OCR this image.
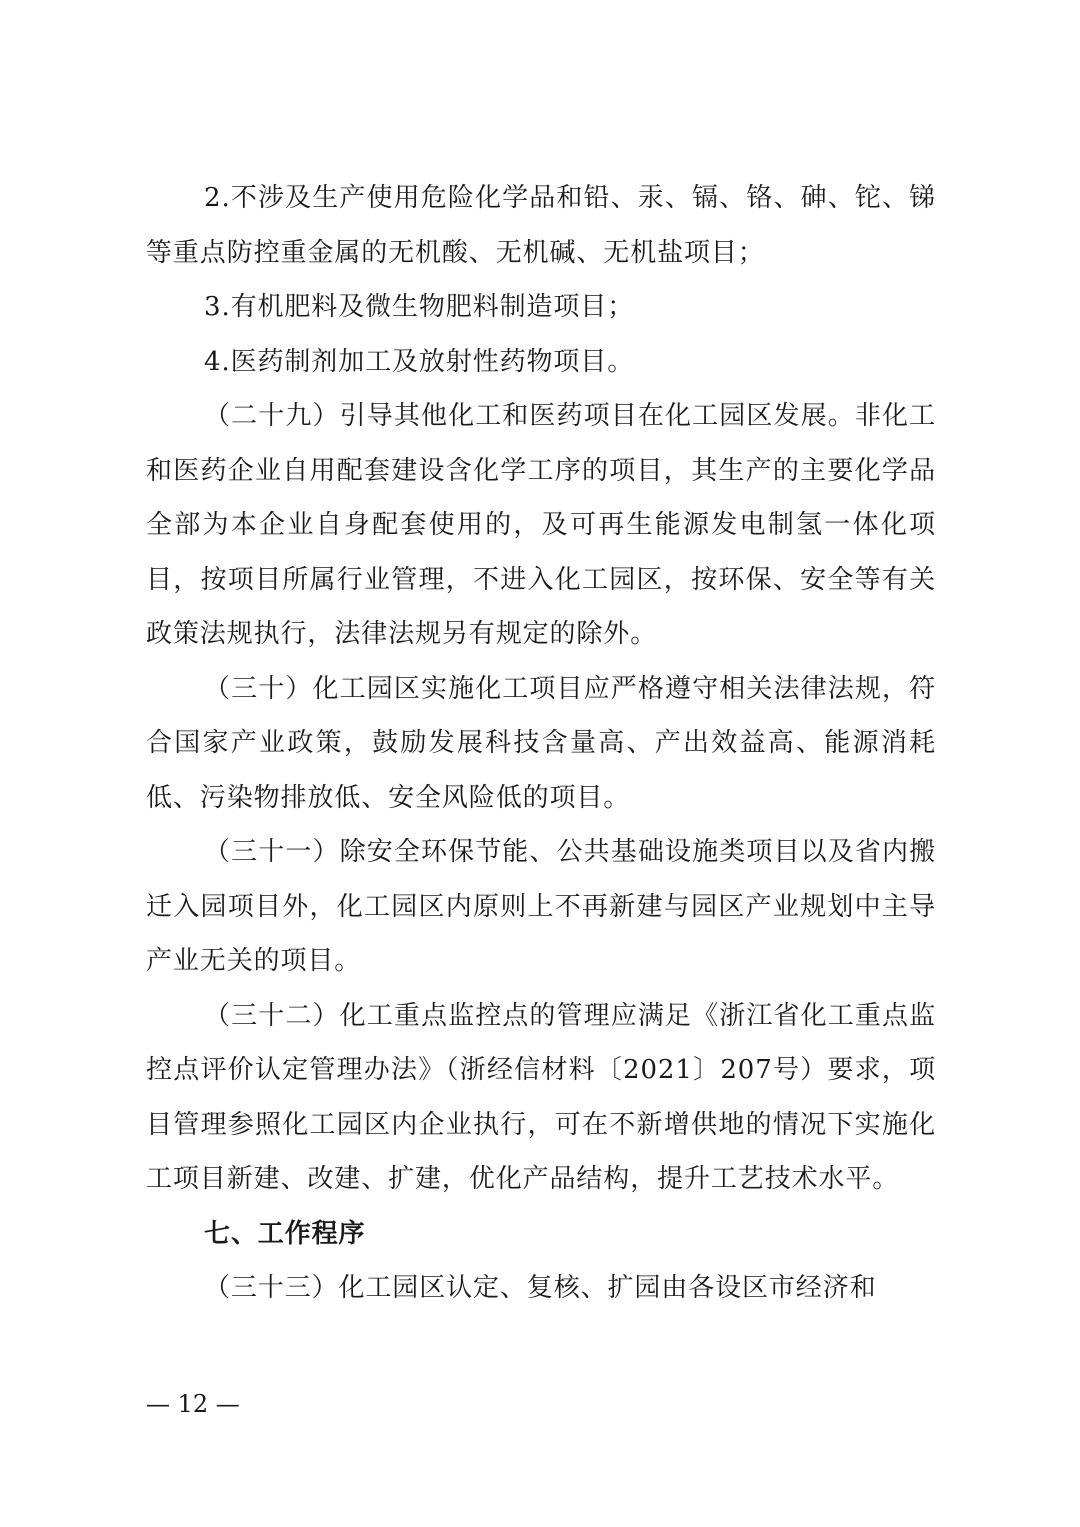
2.不涉及生产使用危险化学品和铅、汞、镉、铬、砷、铊、锑等重点防控重金属的无机酸、无机碱、无机盐项目；

3.有机肥料及微生物肥料制造项目；

4.医药制剂加工及放射性药物项目。

（二十九）引导其他化工和医药项目在化工园区发展。非化工和医药企业自用配套建设含化学工序的项目，其生产的主要化学品全部为本企业自身配套使用的，及可再生能源发电制氢一体化项目，按项目所属行业管理，不进入化工园区，按环保、安全等有关政策法规执行，法律法规另有规定的除外。

（三十）化工园区实施化工项目应严格遵守相关法律法规，符合国家产业政策，鼓励发展科技含量高、产出效益高、能源消耗低、污染物排放低、安全风险低的项目。

（三十一）除安全环保节能、公共基础设施类项目以及省内搬迁入园项目外，化工园区内原则上不再新建与园区产业规划中主导产业无关的项目。

（三十二）化工重点监控点的管理应满足《浙江省化工重点监控点评价认定管理办法》（浙经信材料〔2021〕207号）要求，项目管理参照化工园区内企业执行，可在不新增供地的情况下实施化工项目新建、改建、扩建，优化产品结构，提升工艺技术水平。

七、工作程序

（三十三）化工园区认定、复核、扩园由各设区市经济和

— 12 —
